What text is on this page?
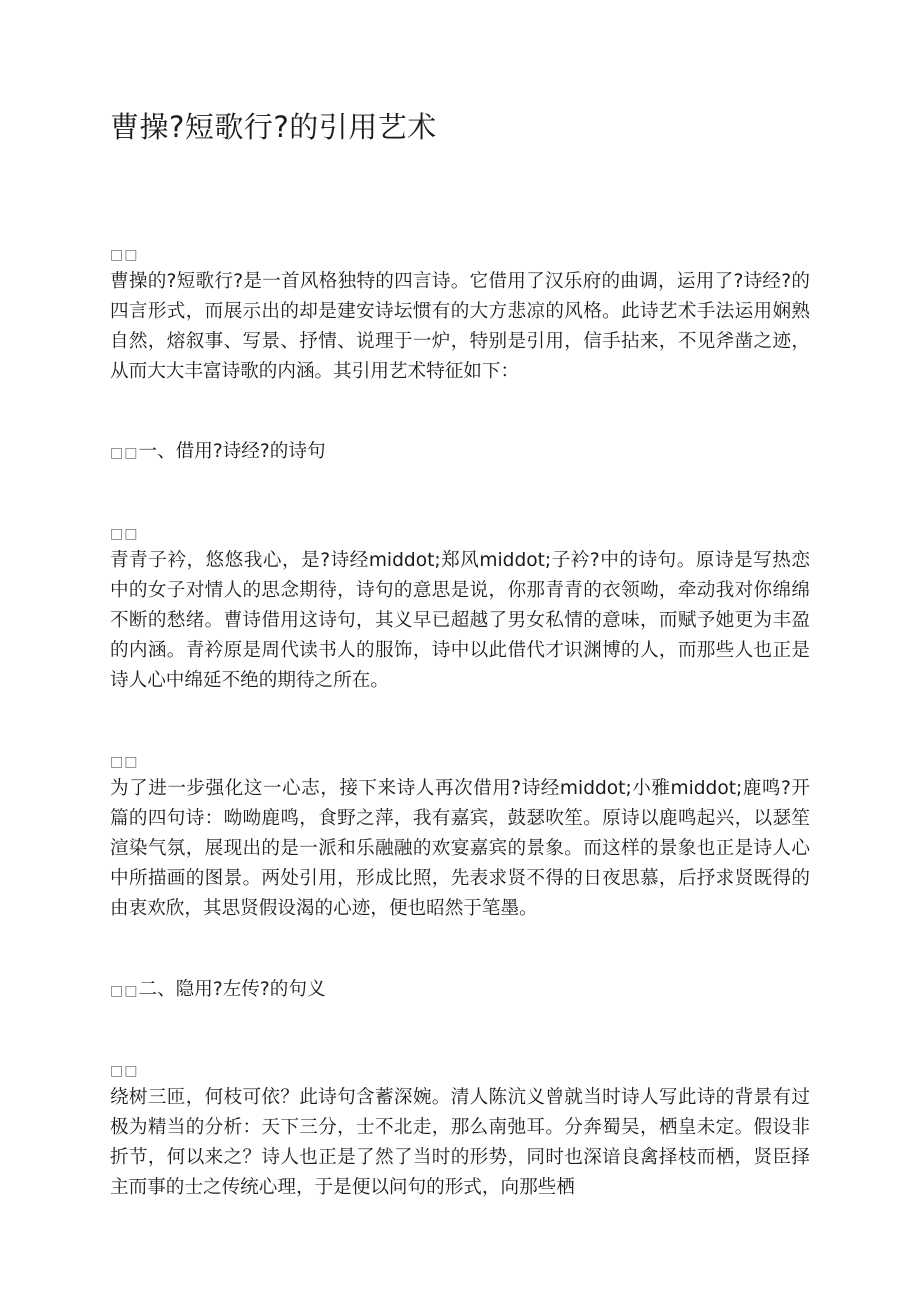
曹操?短歌行?的引用艺术
□□
曹操的?短歌行?是一首风格独特的四言诗。它借用了汉乐府的曲调，运用了?诗经?的四言形式，而展示出的却是建安诗坛惯有的大方悲凉的风格。此诗艺术手法运用娴熟自然，熔叙事、写景、抒情、说理于一炉，特别是引用，信手拈来，不见斧凿之迹，从而大大丰富诗歌的内涵。其引用艺术特征如下：
□□一、借用?诗经?的诗句
□□
青青子衿，悠悠我心，是?诗经middot;郑风middot;子衿?中的诗句。原诗是写热恋中的女子对情人的思念期待，诗句的意思是说，你那青青的衣领呦，牵动我对你绵绵不断的愁绪。曹诗借用这诗句，其义早已超越了男女私情的意味，而赋予她更为丰盈的内涵。青衿原是周代读书人的服饰，诗中以此借代才识渊博的人，而那些人也正是诗人心中绵延不绝的期待之所在。
□□
为了进一步强化这一心志，接下来诗人再次借用?诗经middot;小雅middot;鹿鸣?开篇的四句诗：呦呦鹿鸣，食野之萍，我有嘉宾，鼓瑟吹笙。原诗以鹿鸣起兴，以瑟笙渲染气氛，展现出的是一派和乐融融的欢宴嘉宾的景象。而这样的景象也正是诗人心中所描画的图景。两处引用，形成比照，先表求贤不得的日夜思慕，后抒求贤既得的由衷欢欣，其思贤假设渴的心迹，便也昭然于笔墨。
□□二、隐用?左传?的句义
□□
绕树三匝，何枝可依？此诗句含蓄深婉。清人陈沆义曾就当时诗人写此诗的背景有过极为精当的分析：天下三分，士不北走，那么南弛耳。分奔蜀吴，栖皇未定。假设非折节，何以来之？诗人也正是了然了当时的形势，同时也深谙良禽择枝而栖，贤臣择主而事的士之传统心理，于是便以问句的形式，向那些栖
